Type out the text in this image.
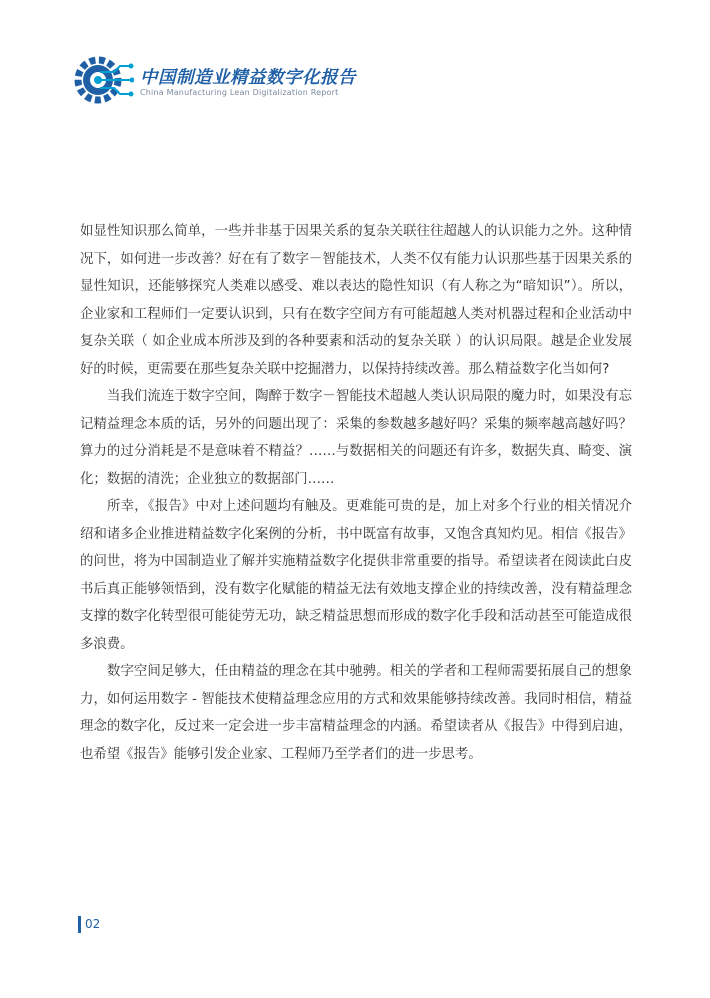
中国制造业精益数字化报告
China Manufacturing Lean Digitalization Report

如显性知识那么简单，一些并非基于因果关系的复杂关联往往超越人的认识能力之外。这种情况下，如何进一步改善？好在有了数字－智能技术，人类不仅有能力认识那些基于因果关系的显性知识，还能够探究人类难以感受、难以表达的隐性知识（有人称之为“暗知识”）。所以，企业家和工程师们一定要认识到，只有在数字空间方有可能超越人类对机器过程和企业活动中复杂关联（ 如企业成本所涉及到的各种要素和活动的复杂关联 ）的认识局限。越是企业发展好的时候，更需要在那些复杂关联中挖掘潜力，以保持持续改善。那么精益数字化当如何?

当我们流连于数字空间，陶醉于数字－智能技术超越人类认识局限的魔力时，如果没有忘记精益理念本质的话，另外的问题出现了：采集的参数越多越好吗？采集的频率越高越好吗？算力的过分消耗是不是意味着不精益？……与数据相关的问题还有许多，数据失真、畸变、演化；数据的清洗；企业独立的数据部门……

所幸，《报告》中对上述问题均有触及。更难能可贵的是，加上对多个行业的相关情况介绍和诸多企业推进精益数字化案例的分析，书中既富有故事，又饱含真知灼见。相信《报告》的问世，将为中国制造业了解并实施精益数字化提供非常重要的指导。希望读者在阅读此白皮书后真正能够领悟到，没有数字化赋能的精益无法有效地支撑企业的持续改善，没有精益理念支撑的数字化转型很可能徒劳无功，缺乏精益思想而形成的数字化手段和活动甚至可能造成很多浪费。

数字空间足够大，任由精益的理念在其中驰骋。相关的学者和工程师需要拓展自己的想象力，如何运用数字 - 智能技术使精益理念应用的方式和效果能够持续改善。我同时相信，精益理念的数字化，反过来一定会进一步丰富精益理念的内涵。希望读者从《报告》中得到启迪，也希望《报告》能够引发企业家、工程师乃至学者们的进一步思考。

02
